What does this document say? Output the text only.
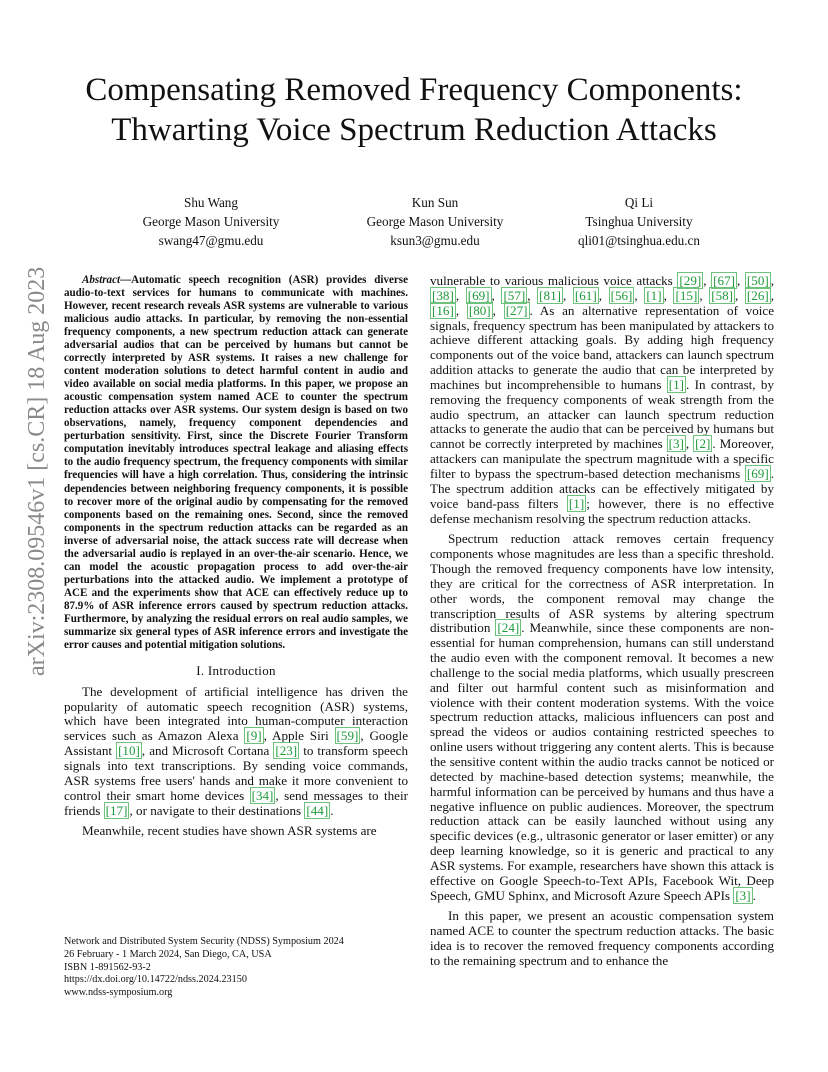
Compensating Removed Frequency Components:
Thwarting Voice Spectrum Reduction Attacks
Shu Wang
George Mason University
swang47@gmu.edu
Kun Sun
George Mason University
ksun3@gmu.edu
Qi Li
Tsinghua University
qli01@tsinghua.edu.cn
arXiv:2308.09546v1 [cs.CR] 18 Aug 2023	Abstract—Automatic speech recognition (ASR) provides diverse audio-to-text services for humans to communicate with machines. However, recent research reveals ASR systems are vulnerable to various malicious audio attacks. In particular, by removing the non-essential frequency components, a new spectrum reduction attack can generate adversarial audios that can be perceived by humans but cannot be correctly interpreted by ASR systems. It raises a new challenge for content moderation solutions to detect harmful content in audio and video available on social media platforms. In this paper, we propose an acoustic compensation system named ACE to counter the spectrum reduction attacks over ASR systems. Our system design is based on two observations, namely, frequency component dependencies and perturbation sensitivity. First, since the Discrete Fourier Transform computation inevitably introduces spectral leakage and aliasing effects to the audio frequency spectrum, the frequency components with similar frequencies will have a high correlation. Thus, considering the intrinsic dependencies between neighboring frequency components, it is possible to recover more of the original audio by compensating for the removed components based on the remaining ones. Second, since the removed components in the spectrum reduction attacks can be regarded as an inverse of adversarial noise, the attack success rate will decrease when the adversarial audio is replayed in an over-the-air scenario. Hence, we can model the acoustic propagation process to add over-the-air perturbations into the attacked audio. We implement a prototype of ACE and the experiments show that ACE can effectively reduce up to 87.9% of ASR inference errors caused by spectrum reduction attacks. Furthermore, by analyzing the residual errors on real audio samples, we summarize six general types of ASR inference errors and investigate the error causes and potential mitigation solutions.

I. Introduction

The development of artificial intelligence has driven the popularity of automatic speech recognition (ASR) systems, which have been integrated into human-computer interaction services such as Amazon Alexa [9] , Apple Siri [59] , Google Assistant [10] , and Microsoft Cortana [23] to transform speech signals into text transcriptions. By sending voice commands, ASR systems free users' hands and make it more convenient to control their smart home devices [34] , send messages to their friends [17] , or navigate to their destinations [44] .

Meanwhile, recent studies have shown ASR systems are

vulnerable to various malicious voice attacks [29] , [67] , [50] , [38] , [69] , [57] , [81] , [61] , [56] , [1] , [15] , [58] , [26] , [16] , [80] , [27] . As an alternative representation of voice signals, frequency spectrum has been manipulated by attackers to achieve different attacking goals. By adding high frequency components out of the voice band, attackers can launch spectrum addition attacks to generate the audio that can be interpreted by machines but incomprehensible to humans [1] . In contrast, by removing the frequency components of weak strength from the audio spectrum, an attacker can launch spectrum reduction attacks to generate the audio that can be perceived by humans but cannot be correctly interpreted by machines [3] , [2] . Moreover, attackers can manipulate the spectrum magnitude with a specific filter to bypass the spectrum-based detection mechanisms [69] . The spectrum addition attacks can be effectively mitigated by voice band-pass filters [1] ; however, there is no effective defense mechanism resolving the spectrum reduction attacks.

Spectrum reduction attack removes certain frequency components whose magnitudes are less than a specific threshold. Though the removed frequency components have low intensity, they are critical for the correctness of ASR interpretation. In other words, the component removal may change the transcription results of ASR systems by altering spectrum distribution [24] . Meanwhile, since these components are non-essential for human comprehension, humans can still understand the audio even with the component removal. It becomes a new challenge to the social media platforms, which usually prescreen and filter out harmful content such as misinformation and violence with their content moderation systems. With the voice spectrum reduction attacks, malicious influencers can post and spread the videos or audios containing restricted speeches to online users without triggering any content alerts. This is because the sensitive content within the audio tracks cannot be noticed or detected by machine-based detection systems; meanwhile, the harmful information can be perceived by humans and thus have a negative influence on public audiences. Moreover, the spectrum reduction attack can be easily launched without using any specific devices (e.g., ultrasonic generator or laser emitter) or any deep learning knowledge, so it is generic and practical to any ASR systems. For example, researchers have shown this attack is effective on Google Speech-to-Text APIs, Facebook Wit, Deep Speech, GMU Sphinx, and Microsoft Azure Speech APIs [3] .

In this paper, we present an acoustic compensation system named ACE to counter the spectrum reduction attacks. The basic idea is to recover the removed frequency components according to the remaining spectrum and to enhance the

Network and Distributed System Security (NDSS) Symposium 2024
26 February - 1 March 2024, San Diego, CA, USA
ISBN 1-891562-93-2
https://dx.doi.org/10.14722/ndss.2024.23150
www.ndss-symposium.org
